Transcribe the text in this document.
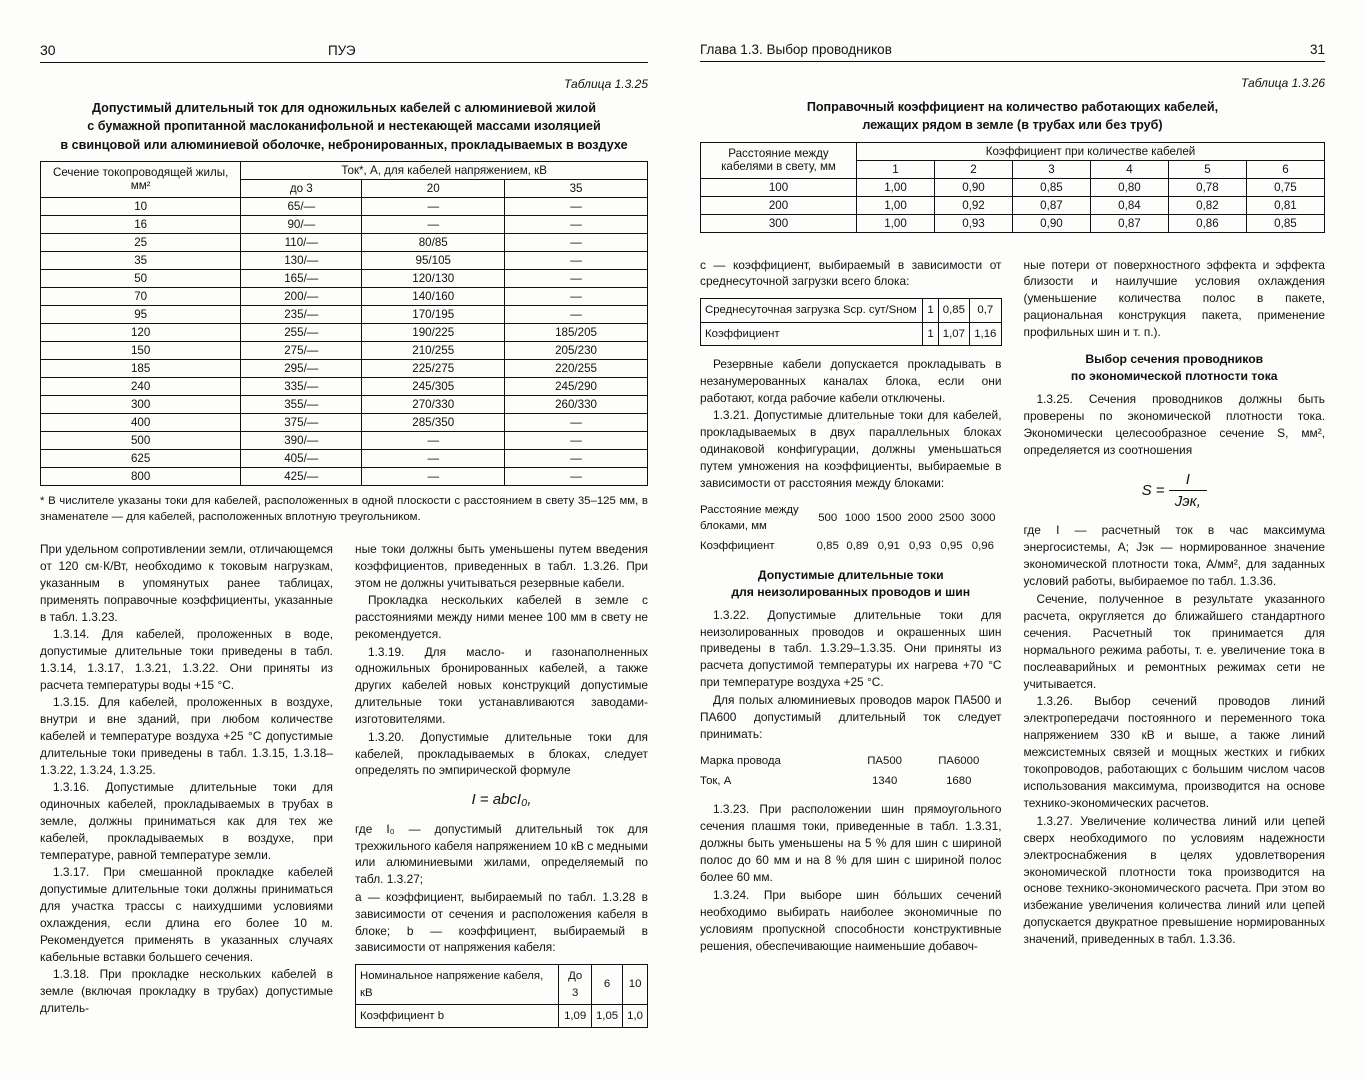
30	ПУЭ
Таблица 1.3.25
Допустимый длительный ток для одножильных кабелей с алюминиевой жилой
с бумажной пропитанной маслоканифольной и нестекающей массами изоляцией
в свинцовой или алюминиевой оболочке, небронированных, прокладываемых в воздухе
Сечение токопроводящей жилы, мм²	Ток*, А, для кабелей напряжением, кВ		
	до 3	20	35
10	65/—	—	—
16	90/—	—	—
25	110/—	80/85	—
35	130/—	95/105	—
50	165/—	120/130	—
70	200/—	140/160	—
95	235/—	170/195	—
120	255/—	190/225	185/205
150	275/—	210/255	205/230
185	295/—	225/275	220/255
240	335/—	245/305	245/290
300	355/—	270/330	260/330
400	375/—	285/350	—
500	390/—	—	—
625	405/—	—	—
800	425/—	—	—
* В числителе указаны токи для кабелей, расположенных в одной плоскости с расстоянием в свету 35–125 мм, в знаменателе — для кабелей, расположенных вплотную треугольником.

При удельном сопротивлении земли, отличающемся от 120 см·К/Вт, необходимо к токовым нагрузкам, указанным в упомянутых ранее таблицах, применять поправочные коэффициенты, указанные в табл. 1.3.23.

1.3.14. Для кабелей, проложенных в воде, допустимые длительные токи приведены в табл. 1.3.14, 1.3.17, 1.3.21, 1.3.22. Они приняты из расчета температуры воды +15 °С.

1.3.15. Для кабелей, проложенных в воздухе, внутри и вне зданий, при любом количестве кабелей и температуре воздуха +25 °С допустимые длительные токи приведены в табл. 1.3.15, 1.3.18–1.3.22, 1.3.24, 1.3.25.

1.3.16. Допустимые длительные токи для одиночных кабелей, прокладываемых в трубах в земле, должны приниматься как для тех же кабелей, прокладываемых в воздухе, при температуре, равной температуре земли.

1.3.17. При смешанной прокладке кабелей допустимые длительные токи должны приниматься для участка трассы с наихудшими условиями охлаждения, если длина его более 10 м. Рекомендуется применять в указанных случаях кабельные вставки большего сечения.

1.3.18. При прокладке нескольких кабелей в земле (включая прокладку в трубах) допустимые длитель-

ные токи должны быть уменьшены путем введения коэффициентов, приведенных в табл. 1.3.26. При этом не должны учитываться резервные кабели.

Прокладка нескольких кабелей в земле с расстояниями между ними менее 100 мм в свету не рекомендуется.

1.3.19. Для масло- и газонаполненных одножильных бронированных кабелей, а также других кабелей новых конструкций допустимые длительные токи устанавливаются заводами-изготовителями.

1.3.20. Допустимые длительные токи для кабелей, прокладываемых в блоках, следует определять по эмпирической формуле

I = abcI₀,

где I₀ — допустимый длительный ток для трехжильного кабеля напряжением 10 кВ с медными или алюминиевыми жилами, определяемый по табл. 1.3.27;

a — коэффициент, выбираемый по табл. 1.3.28 в зависимости от сечения и расположения кабеля в блоке; b — коэффициент, выбираемый в зависимости от напряжения кабеля:

Номинальное напряжение кабеля, кВ	До 3	6	10
Коэффициент b	1,09	1,05	1,0
Глава 1.3. Выбор проводников	31
Таблица 1.3.26
Поправочный коэффициент на количество работающих кабелей,
лежащих рядом в земле (в трубах или без труб)
Расстояние между кабелями в свету, мм	Коэффициент при количестве кабелей					
	1	2	3	4	5	6
100	1,00	0,90	0,85	0,80	0,78	0,75
200	1,00	0,92	0,87	0,84	0,82	0,81
300	1,00	0,93	0,90	0,87	0,86	0,85

c — коэффициент, выбираемый в зависимости от среднесуточной загрузки всего блока:

Среднесуточная загрузка Sср. сут/Sном	1	0,85	0,7
Коэффициент	1	1,07	1,16

Резервные кабели допускается прокладывать в незанумерованных каналах блока, если они работают, когда рабочие кабели отключены.

1.3.21. Допустимые длительные токи для кабелей, прокладываемых в двух параллельных блоках одинаковой конфигурации, должны уменьшаться путем умножения на коэффициенты, выбираемые в зависимости от расстояния между блоками:

Расстояние между блоками, мм	500	1000	1500	2000	2500	3000
Коэффициент	0,85	0,89	0,91	0,93	0,95	0,96
Допустимые длительные токи
для неизолированных проводов и шин

1.3.22. Допустимые длительные токи для неизолированных проводов и окрашенных шин приведены в табл. 1.3.29–1.3.35. Они приняты из расчета допустимой температуры их нагрева +70 °С при температуре воздуха +25 °С.

Для полых алюминиевых проводов марок ПА500 и ПА600 допустимый длительный ток следует принимать:

Марка провода	ПА500	ПА6000
Ток, А	1340	1680

1.3.23. При расположении шин прямоугольного сечения плашмя токи, приведенные в табл. 1.3.31, должны быть уменьшены на 5 % для шин с шириной полос до 60 мм и на 8 % для шин с шириной полос более 60 мм.

1.3.24. При выборе шин бо́льших сечений необходимо выбирать наиболее экономичные по условиям пропускной способности конструктивные решения, обеспечивающие наименьшие добавоч-

ные потери от поверхностного эффекта и эффекта близости и наилучшие условия охлаждения (уменьшение количества полос в пакете, рациональная конструкция пакета, применение профильных шин и т. п.).

Выбор сечения проводников
по экономической плотности тока

1.3.25. Сечения проводников должны быть проверены по экономической плотности тока. Экономически целесообразное сечение S, мм², определяется из соотношения

$S = \frac{I}{\text{Jэк,}}$

где I — расчетный ток в час максимума энергосистемы, А; Jэк — нормированное значение экономической плотности тока, А/мм², для заданных условий работы, выбираемое по табл. 1.3.36.

Сечение, полученное в результате указанного расчета, округляется до ближайшего стандартного сечения. Расчетный ток принимается для нормального режима работы, т. е. увеличение тока в послеаварийных и ремонтных режимах сети не учитывается.

1.3.26. Выбор сечений проводов линий электропередачи постоянного и переменного тока напряжением 330 кВ и выше, а также линий межсистемных связей и мощных жестких и гибких токопроводов, работающих с большим числом часов использования максимума, производится на основе технико-экономических расчетов.

1.3.27. Увеличение количества линий или цепей сверх необходимого по условиям надежности электроснабжения в целях удовлетворения экономической плотности тока производится на основе технико-экономического расчета. При этом во избежание увеличения количества линий или цепей допускается двукратное превышение нормированных значений, приведенных в табл. 1.3.36.
